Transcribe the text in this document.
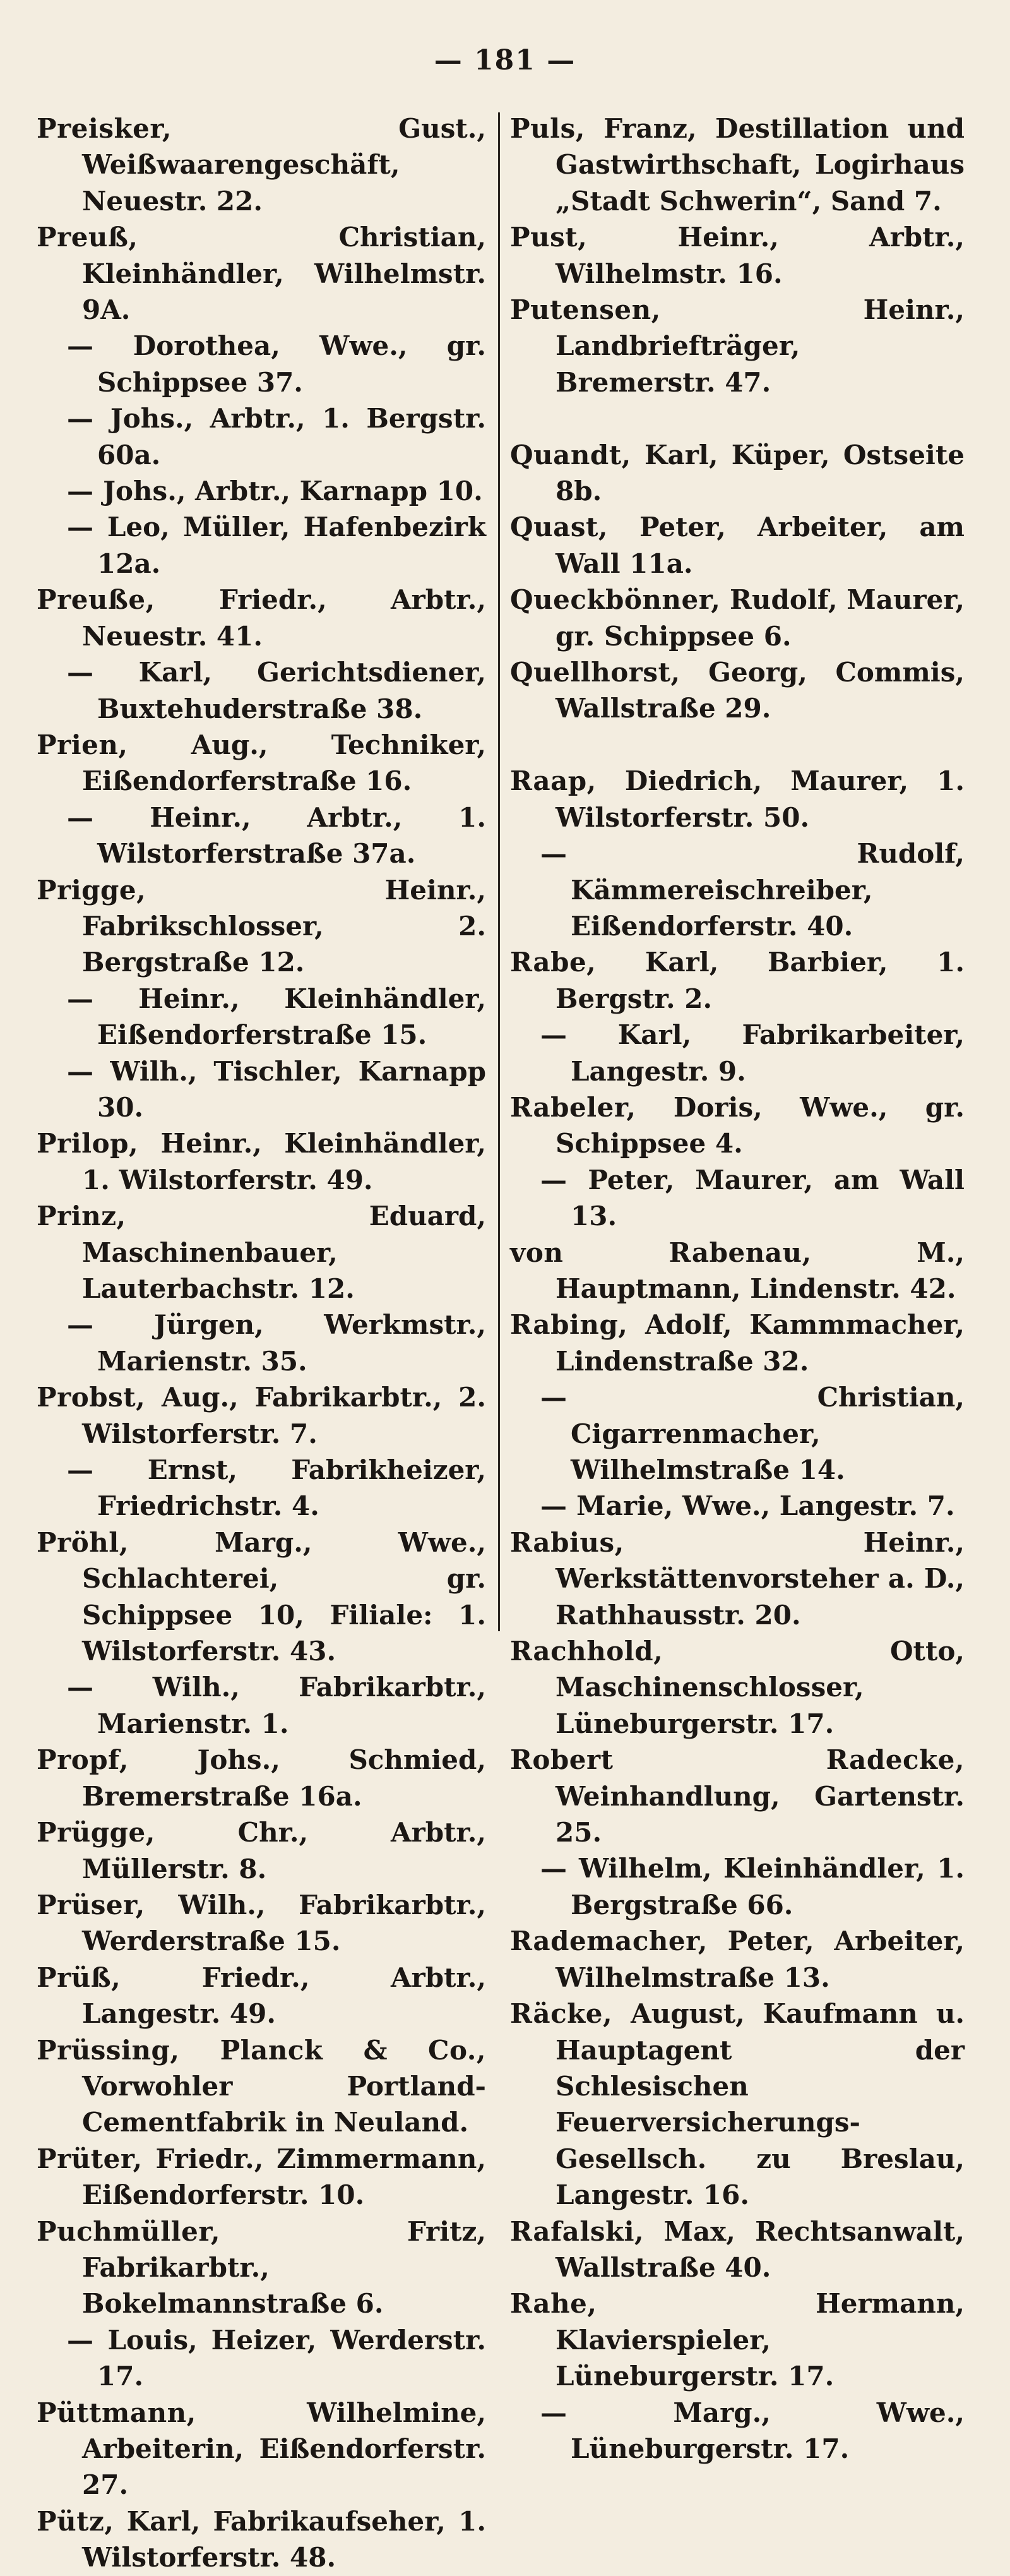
— 181 —
Preisker,	Gust., Weißwaarengeschäft, Neuestr. 22.
Preuß,	Christian, Kleinhändler, Wilhelmstr. 9A.
— Dorothea, Wwe., gr. Schippsee 37.
— Johs., Arbtr., 1. Bergstr. 60a.
— Johs., Arbtr., Karnapp 10.
— Leo, Müller, Hafenbezirk 12a.
Preuße, Friedr., Arbtr., Neuestr. 41.
— Karl, Gerichtsdiener, Buxtehuderstraße 38.
Prien, Aug., Techniker, Eißendorferstraße 16.
— Heinr., Arbtr., 1. Wilstorferstraße 37a.
Prigge,	Heinr., Fabrikschlosser, 2. Bergstraße 12.
— Heinr., Kleinhändler, Eißendorferstraße 15.
— Wilh., Tischler, Karnapp 30.
Prilop, Heinr., Kleinhändler, 1. Wilstorferstr. 49.
Prinz,	Eduard, Maschinenbauer, Lauterbachstr. 12.
— Jürgen, Werkmstr., Marienstr. 35.
Probst, Aug., Fabrikarbtr., 2. Wilstorferstr. 7.
— Ernst, Fabrikheizer, Friedrichstr. 4.
Pröhl,	Marg., Wwe., Schlachterei, gr. Schippsee 10, Filiale: 1. Wilstorferstr. 43.
— Wilh., Fabrikarbtr., Marienstr. 1.
Propf,	Johs., Schmied, Bremerstraße 16a.
Prügge,	Chr., Arbtr., Müllerstr. 8.
Prüser, Wilh., Fabrikarbtr., Werderstraße 15.
Prüß,	Friedr., Arbtr., Langestr. 49.
Prüssing, Planck & Co., Vorwohler Portland-Cementfabrik in Neuland.
Prüter, Friedr., Zimmermann, Eißendorferstr. 10.
Puchmüller,	Fritz, Fabrikarbtr., Bokelmannstraße 6.
— Louis, Heizer, Werderstr. 17.
Püttmann,	Wilhelmine, Arbeiterin, Eißendorferstr. 27.
Pütz, Karl, Fabrikaufseher, 1. Wilstorferstr. 48.
Puls, Franz, Destillation und Gastwirthschaft, Logirhaus „Stadt Schwerin“, Sand 7.
Pust,	Heinr., Arbtr., Wilhelmstr. 16.
Putensen,	Heinr., Landbriefträger, Bremerstr. 47.
Quandt, Karl, Küper, Ostseite 8b.
Quast, Peter, Arbeiter, am Wall 11a.
Queckbönner, Rudolf, Maurer, gr. Schippsee 6.
Quellhorst, Georg, Commis, Wallstraße 29.
Raap, Diedrich, Maurer, 1. Wilstorferstr. 50.
—	Rudolf, Kämmereischreiber, Eißendorferstr. 40.
Rabe, Karl, Barbier, 1. Bergstr. 2.
— Karl, Fabrikarbeiter, Langestr. 9.
Rabeler, Doris, Wwe., gr. Schippsee 4.
— Peter, Maurer, am Wall 13.
von Rabenau,	M., Hauptmann, Lindenstr. 42.
Rabing, Adolf, Kammmacher, Lindenstraße 32.
—	Christian, Cigarrenmacher, Wilhelmstraße 14.
— Marie, Wwe., Langestr. 7.
Rabius,	Heinr., Werkstättenvorsteher a. D., Rathhausstr. 20.
Rachhold,	Otto, Maschinenschlosser, Lüneburgerstr. 17.
Robert Radecke, Weinhandlung, Gartenstr. 25.
— Wilhelm, Kleinhändler, 1. Bergstraße 66.
Rademacher, Peter, Arbeiter, Wilhelmstraße 13.
Räcke, August, Kaufmann u. Hauptagent der Schlesischen Feuerversicherungs-Gesellsch. zu Breslau, Langestr. 16.
Rafalski, Max, Rechtsanwalt, Wallstraße 40.
Rahe,	Hermann, Klavierspieler, Lüneburgerstr. 17.
—	Marg., Wwe., Lüneburgerstr. 17.
